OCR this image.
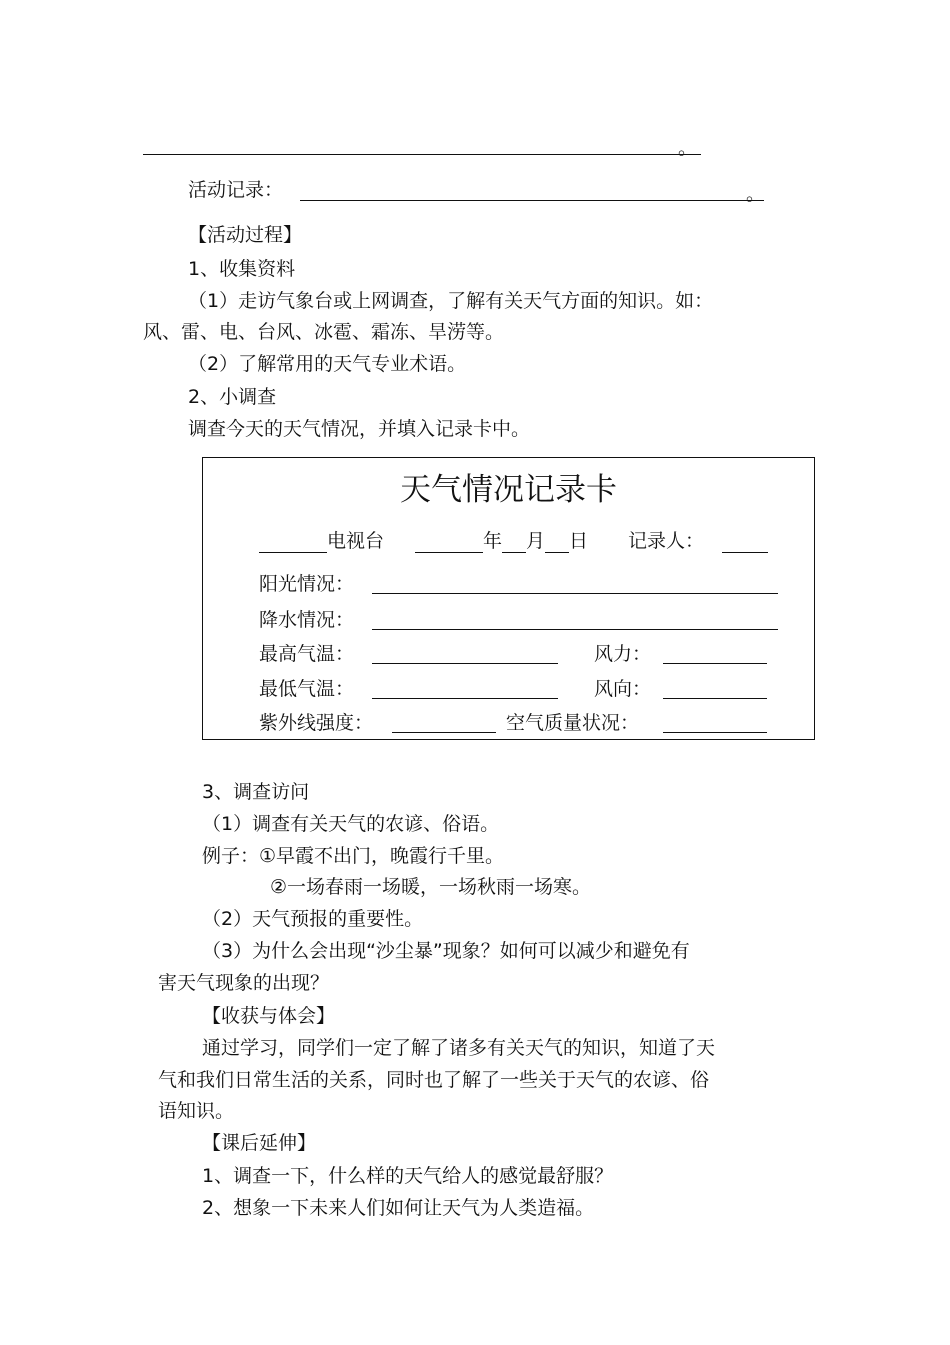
。
活动记录：	。
【活动过程】
1、收集资料
（1）走访气象台或上网调查，了解有关天气方面的知识。如：
风、雷、电、台风、冰雹、霜冻、旱涝等。
（2）了解常用的天气专业术语。
2、小调查
调查今天的天气情况，并填入记录卡中。
天气情况记录卡
电视台	年 月 日 记录人：
阳光情况：
降水情况：
最高气温：	风力：
最低气温：	风向：
紫外线强度：	空气质量状况：
3、调查访问
（1）调查有关天气的农谚、俗语。
例子：①早霞不出门，晚霞行千里。
②一场春雨一场暖，一场秋雨一场寒。
（2）天气预报的重要性。
（3）为什么会出现“沙尘暴”现象？如何可以减少和避免有
害天气现象的出现？
【收获与体会】
通过学习，同学们一定了解了诸多有关天气的知识，知道了天
气和我们日常生活的关系，同时也了解了一些关于天气的农谚、俗
语知识。
【课后延伸】
1、调查一下，什么样的天气给人的感觉最舒服？
2、想象一下未来人们如何让天气为人类造福。
